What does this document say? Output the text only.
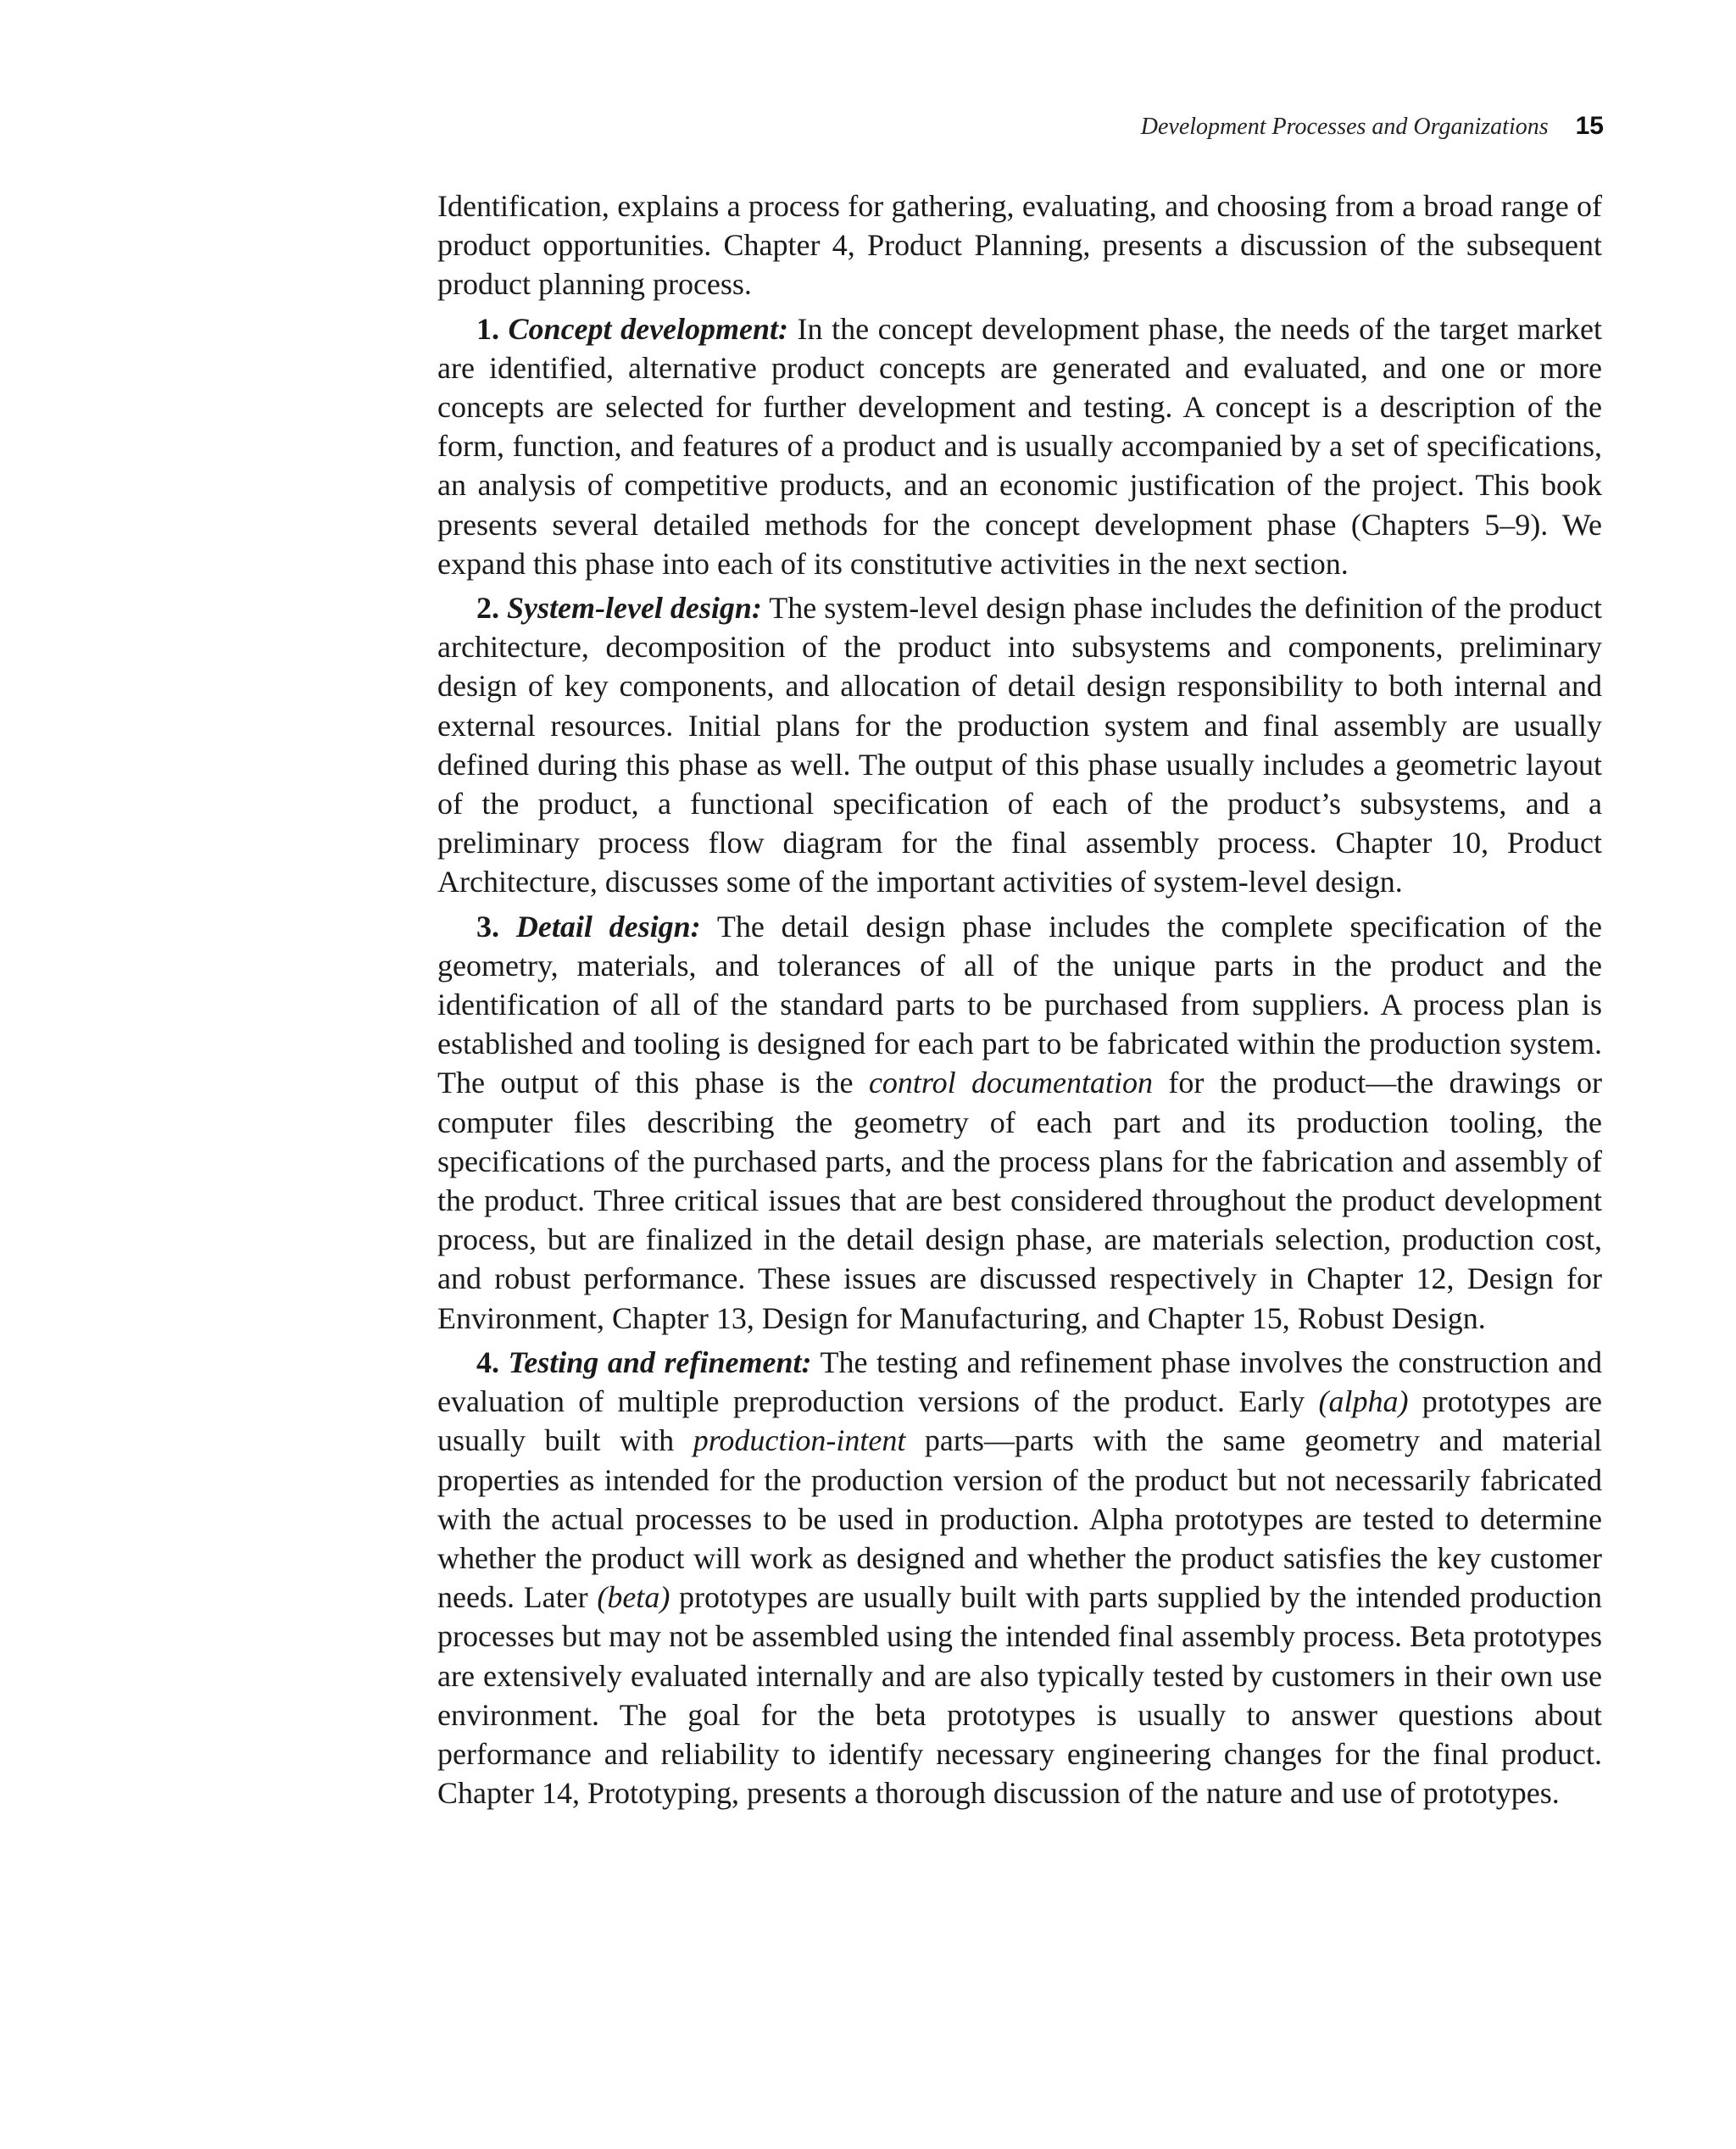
Development Processes and Organizations 15

Identification, explains a process for gathering, evaluating, and choosing from a broad range of product opportunities. Chapter 4, Product Planning, presents a discussion of the subsequent product planning process.

1. Concept development: In the concept development phase, the needs of the target market are identified, alternative product concepts are generated and evaluated, and one or more concepts are selected for further development and testing. A concept is a description of the form, function, and features of a product and is usually accompanied by a set of specifications, an analysis of competitive products, and an economic justification of the project. This book presents several detailed methods for the concept development phase (Chapters 5–9). We expand this phase into each of its constitutive activities in the next section.

2. System-level design: The system-level design phase includes the definition of the product architecture, decomposition of the product into subsystems and components, preliminary design of key components, and allocation of detail design responsibility to both internal and external resources. Initial plans for the production system and final assembly are usually defined during this phase as well. The output of this phase usually includes a geometric layout of the product, a functional specification of each of the product’s subsystems, and a preliminary process flow diagram for the final assembly process. Chapter 10, Product Architecture, discusses some of the important activities of system-level design.

3. Detail design: The detail design phase includes the complete specification of the geometry, materials, and tolerances of all of the unique parts in the product and the identification of all of the standard parts to be purchased from suppliers. A process plan is established and tooling is designed for each part to be fabricated within the production system. The output of this phase is the control documentation for the product—the drawings or computer files describing the geometry of each part and its production tooling, the specifications of the purchased parts, and the process plans for the fabrication and assembly of the product. Three critical issues that are best considered throughout the product development process, but are finalized in the detail design phase, are materials selection, production cost, and robust performance. These issues are discussed respectively in Chapter 12, Design for Environment, Chapter 13, Design for Manufacturing, and Chapter 15, Robust Design.

4. Testing and refinement: The testing and refinement phase involves the construction and evaluation of multiple preproduction versions of the product. Early (alpha) prototypes are usually built with production-intent parts—parts with the same geometry and material properties as intended for the production version of the product but not necessarily fabricated with the actual processes to be used in production. Alpha prototypes are tested to determine whether the product will work as designed and whether the product satisfies the key customer needs. Later (beta) prototypes are usually built with parts supplied by the intended production processes but may not be assembled using the intended final assembly process. Beta prototypes are extensively evaluated internally and are also typically tested by customers in their own use environment. The goal for the beta prototypes is usually to answer questions about performance and reliability to identify necessary engineering changes for the final product. Chapter 14, Prototyping, presents a thorough discussion of the nature and use of prototypes.
